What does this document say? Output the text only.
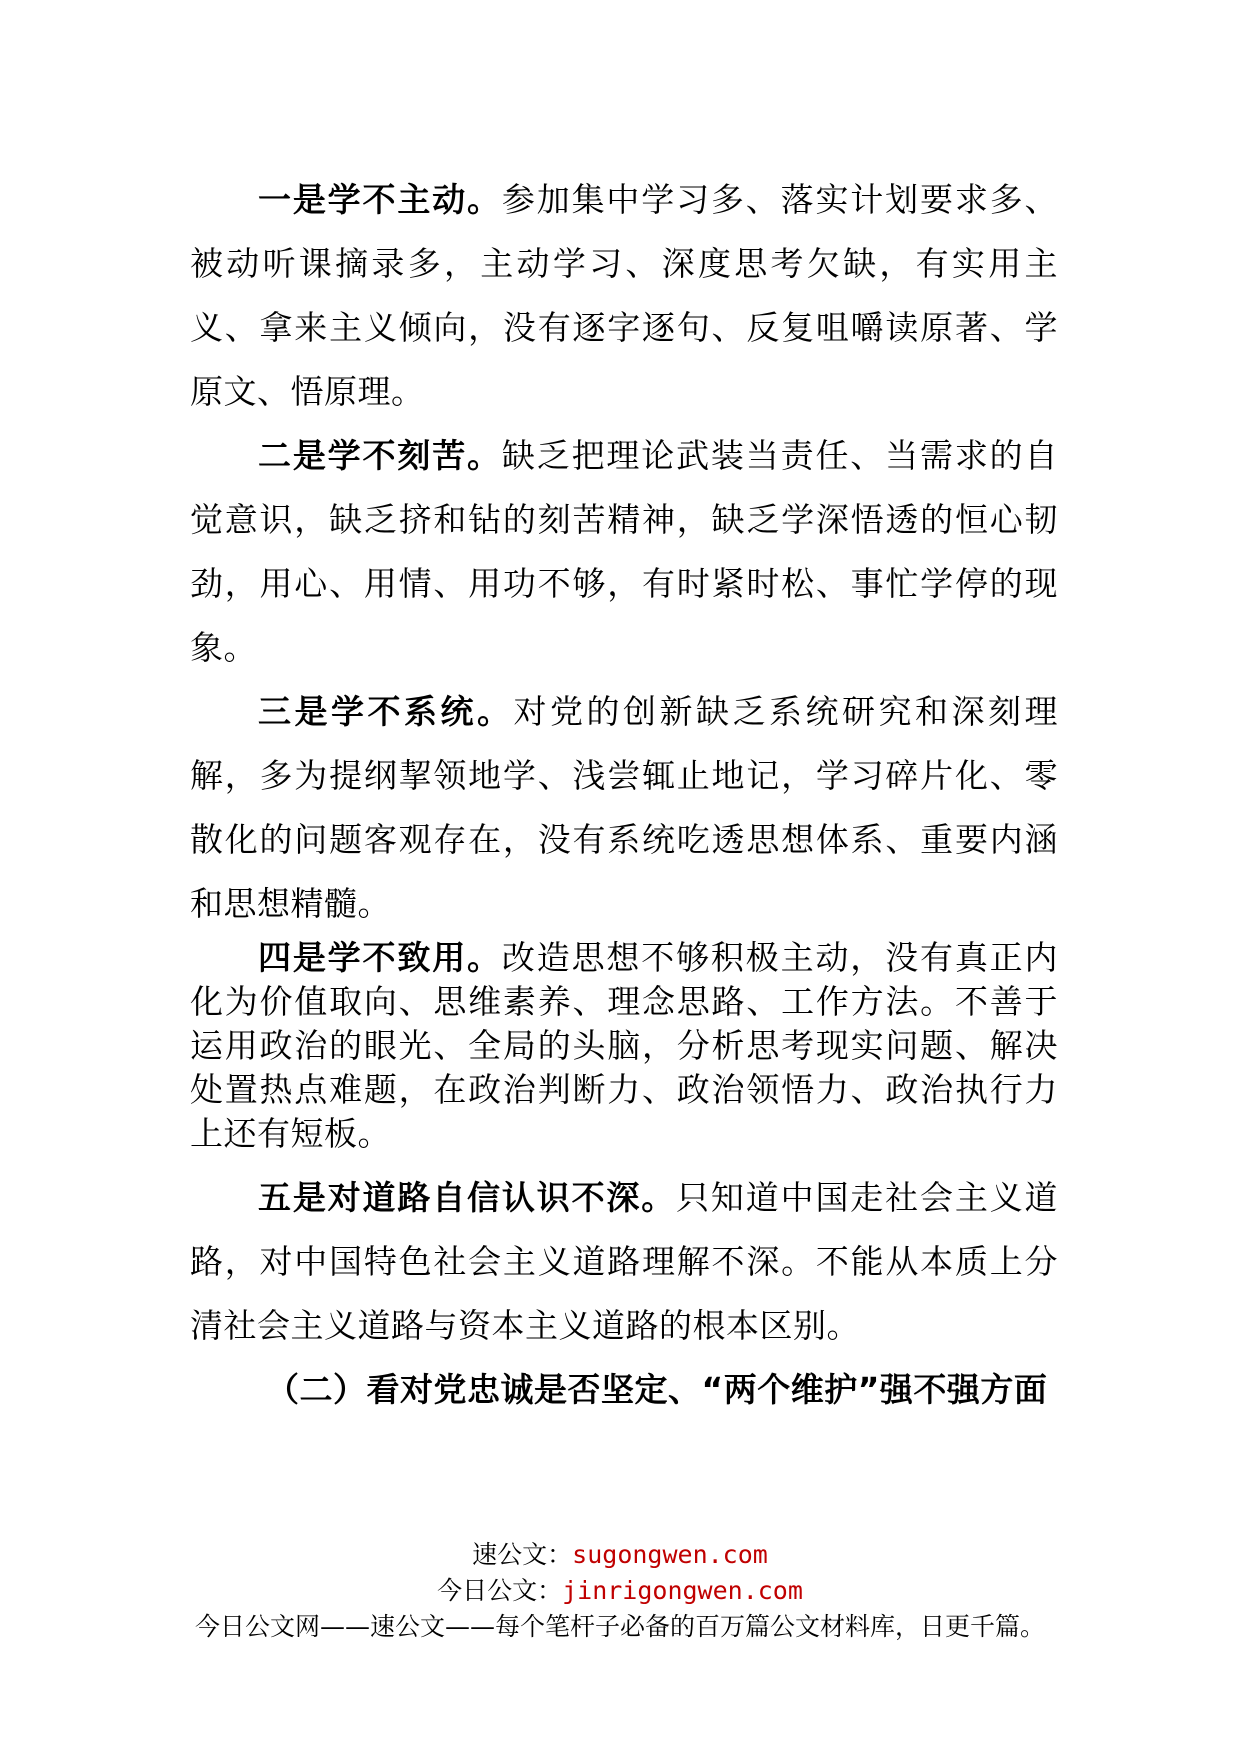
一是学不主动。参加集中学习多、落实计划要求多、被动听课摘录多，主动学习、深度思考欠缺，有实用主义、拿来主义倾向，没有逐字逐句、反复咀嚼读原著、学原文、悟原理。

二是学不刻苦。缺乏把理论武装当责任、当需求的自觉意识，缺乏挤和钻的刻苦精神，缺乏学深悟透的恒心韧劲，用心、用情、用功不够，有时紧时松、事忙学停的现象。

三是学不系统。对党的创新缺乏系统研究和深刻理解，多为提纲挈领地学、浅尝辄止地记，学习碎片化、零散化的问题客观存在，没有系统吃透思想体系、重要内涵和思想精髓。

四是学不致用。改造思想不够积极主动，没有真正内化为价值取向、思维素养、理念思路、工作方法。不善于运用政治的眼光、全局的头脑，分析思考现实问题、解决处置热点难题，在政治判断力、政治领悟力、政治执行力上还有短板。

五是对道路自信认识不深。只知道中国走社会主义道路，对中国特色社会主义道路理解不深。不能从本质上分清社会主义道路与资本主义道路的根本区别。

（二）看对党忠诚是否坚定、“两个维护”强不强方面

速公文：sugongwen.com
今日公文：jinrigongwen.com
今日公文网——速公文——每个笔杆子必备的百万篇公文材料库，日更千篇。
